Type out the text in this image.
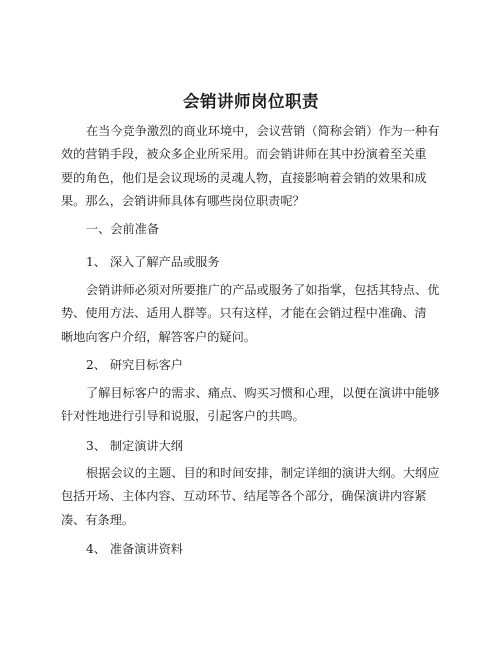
会销讲师岗位职责

在当今竞争激烈的商业环境中，会议营销（简称会销）作为一种有
效的营销手段，被众多企业所采用。而会销讲师在其中扮演着至关重
要的角色，他们是会议现场的灵魂人物，直接影响着会销的效果和成
果。那么，会销讲师具体有哪些岗位职责呢？

一、会前准备
1、 深入了解产品或服务

会销讲师必须对所要推广的产品或服务了如指掌，包括其特点、优
势、使用方法、适用人群等。只有这样，才能在会销过程中准确、清
晰地向客户介绍，解答客户的疑问。

2、 研究目标客户

了解目标客户的需求、痛点、购买习惯和心理，以便在演讲中能够
针对性地进行引导和说服，引起客户的共鸣。

3、 制定演讲大纲

根据会议的主题、目的和时间安排，制定详细的演讲大纲。大纲应
包括开场、主体内容、互动环节、结尾等各个部分，确保演讲内容紧
凑、有条理。

4、 准备演讲资料
